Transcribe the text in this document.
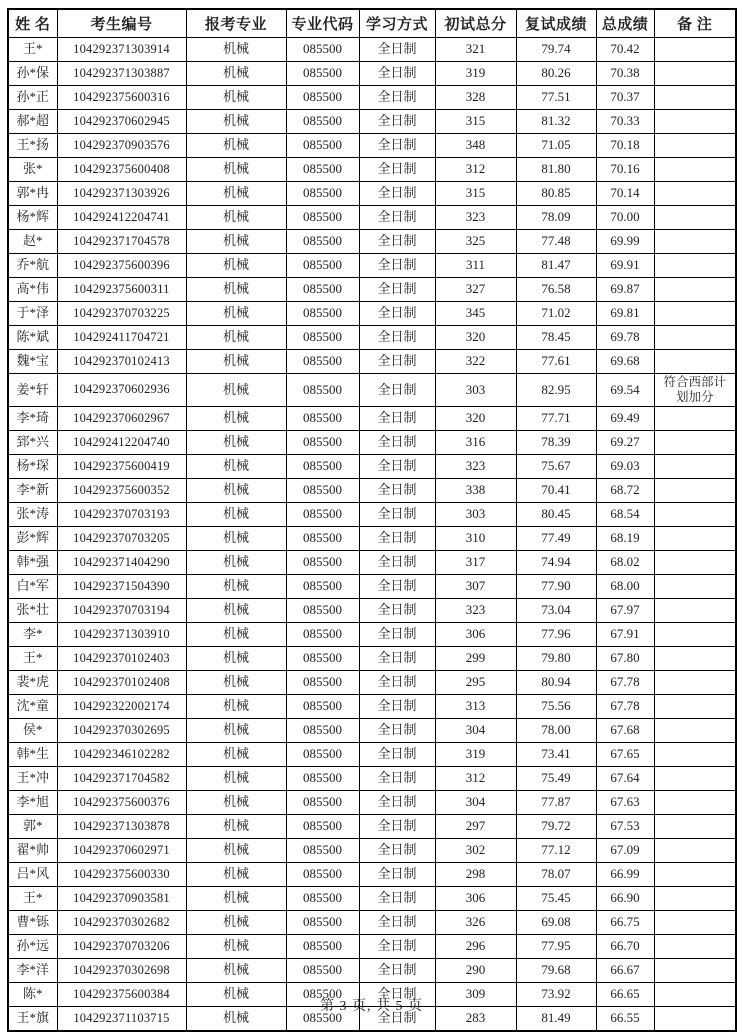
姓 名	考生编号	报考专业	专业代码	学习方式	初试总分	复试成绩	总成绩	备 注
王*	104292371303914	机械	085500	全日制	321	79.74	70.42	
孙*保	104292371303887	机械	085500	全日制	319	80.26	70.38	
孙*正	104292375600316	机械	085500	全日制	328	77.51	70.37	
郝*超	104292370602945	机械	085500	全日制	315	81.32	70.33	
王*扬	104292370903576	机械	085500	全日制	348	71.05	70.18	
张*	104292375600408	机械	085500	全日制	312	81.80	70.16	
郭*冉	104292371303926	机械	085500	全日制	315	80.85	70.14	
杨*辉	104292412204741	机械	085500	全日制	323	78.09	70.00	
赵*	104292371704578	机械	085500	全日制	325	77.48	69.99	
乔*航	104292375600396	机械	085500	全日制	311	81.47	69.91	
高*伟	104292375600311	机械	085500	全日制	327	76.58	69.87	
于*泽	104292370703225	机械	085500	全日制	345	71.02	69.81	
陈*斌	104292411704721	机械	085500	全日制	320	78.45	69.78	
魏*宝	104292370102413	机械	085500	全日制	322	77.61	69.68	
姜*轩	104292370602936	机械	085500	全日制	303	82.95	69.54	符合西部计划加分
李*琦	104292370602967	机械	085500	全日制	320	77.71	69.49	
郅*兴	104292412204740	机械	085500	全日制	316	78.39	69.27	
杨*琛	104292375600419	机械	085500	全日制	323	75.67	69.03	
李*新	104292375600352	机械	085500	全日制	338	70.41	68.72	
张*涛	104292370703193	机械	085500	全日制	303	80.45	68.54	
彭*辉	104292370703205	机械	085500	全日制	310	77.49	68.19	
韩*强	104292371404290	机械	085500	全日制	317	74.94	68.02	
白*军	104292371504390	机械	085500	全日制	307	77.90	68.00	
张*壮	104292370703194	机械	085500	全日制	323	73.04	67.97	
李*	104292371303910	机械	085500	全日制	306	77.96	67.91	
王*	104292370102403	机械	085500	全日制	299	79.80	67.80	
裴*虎	104292370102408	机械	085500	全日制	295	80.94	67.78	
沈*童	104292322002174	机械	085500	全日制	313	75.56	67.78	
侯*	104292370302695	机械	085500	全日制	304	78.00	67.68	
韩*生	104292346102282	机械	085500	全日制	319	73.41	67.65	
王*冲	104292371704582	机械	085500	全日制	312	75.49	67.64	
李*旭	104292375600376	机械	085500	全日制	304	77.87	67.63	
郭*	104292371303878	机械	085500	全日制	297	79.72	67.53	
翟*帅	104292370602971	机械	085500	全日制	302	77.12	67.09	
吕*风	104292375600330	机械	085500	全日制	298	78.07	66.99	
王*	104292370903581	机械	085500	全日制	306	75.45	66.90	
曹*铄	104292370302682	机械	085500	全日制	326	69.08	66.75	
孙*远	104292370703206	机械	085500	全日制	296	77.95	66.70	
李*洋	104292370302698	机械	085500	全日制	290	79.68	66.67	
陈*	104292375600384	机械	085500	全日制	309	73.92	66.65	
王*旗	104292371103715	机械	085500	全日制	283	81.49	66.55	
第 3 页, 共 5 页
